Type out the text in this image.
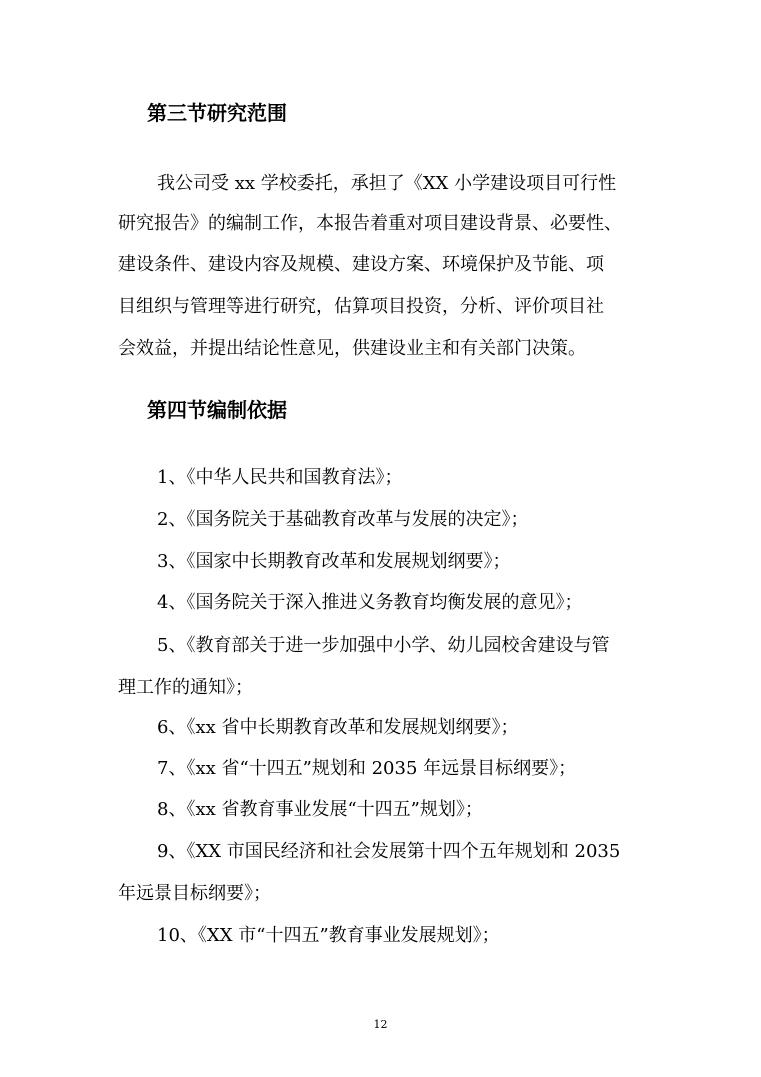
第三节研究范围

我公司受 xx 学校委托，承担了《XX 小学建设项目可行性

研究报告》的编制工作，本报告着重对项目建设背景、必要性、

建设条件、建设内容及规模、建设方案、环境保护及节能、项

目组织与管理等进行研究，估算项目投资，分析、评价项目社

会效益，并提出结论性意见，供建设业主和有关部门决策。

第四节编制依据

1、《中华人民共和国教育法》；

2、《国务院关于基础教育改革与发展的决定》；

3、《国家中长期教育改革和发展规划纲要》；

4、《国务院关于深入推进义务教育均衡发展的意见》；

5、《教育部关于进一步加强中小学、幼儿园校舍建设与管

理工作的通知》；

6、《xx 省中长期教育改革和发展规划纲要》；

7、《xx 省“十四五”规划和 2035 年远景目标纲要》；

8、《xx 省教育事业发展“十四五”规划》；

9、《XX 市国民经济和社会发展第十四个五年规划和 2035

年远景目标纲要》；

10、《XX 市“十四五”教育事业发展规划》；

12
